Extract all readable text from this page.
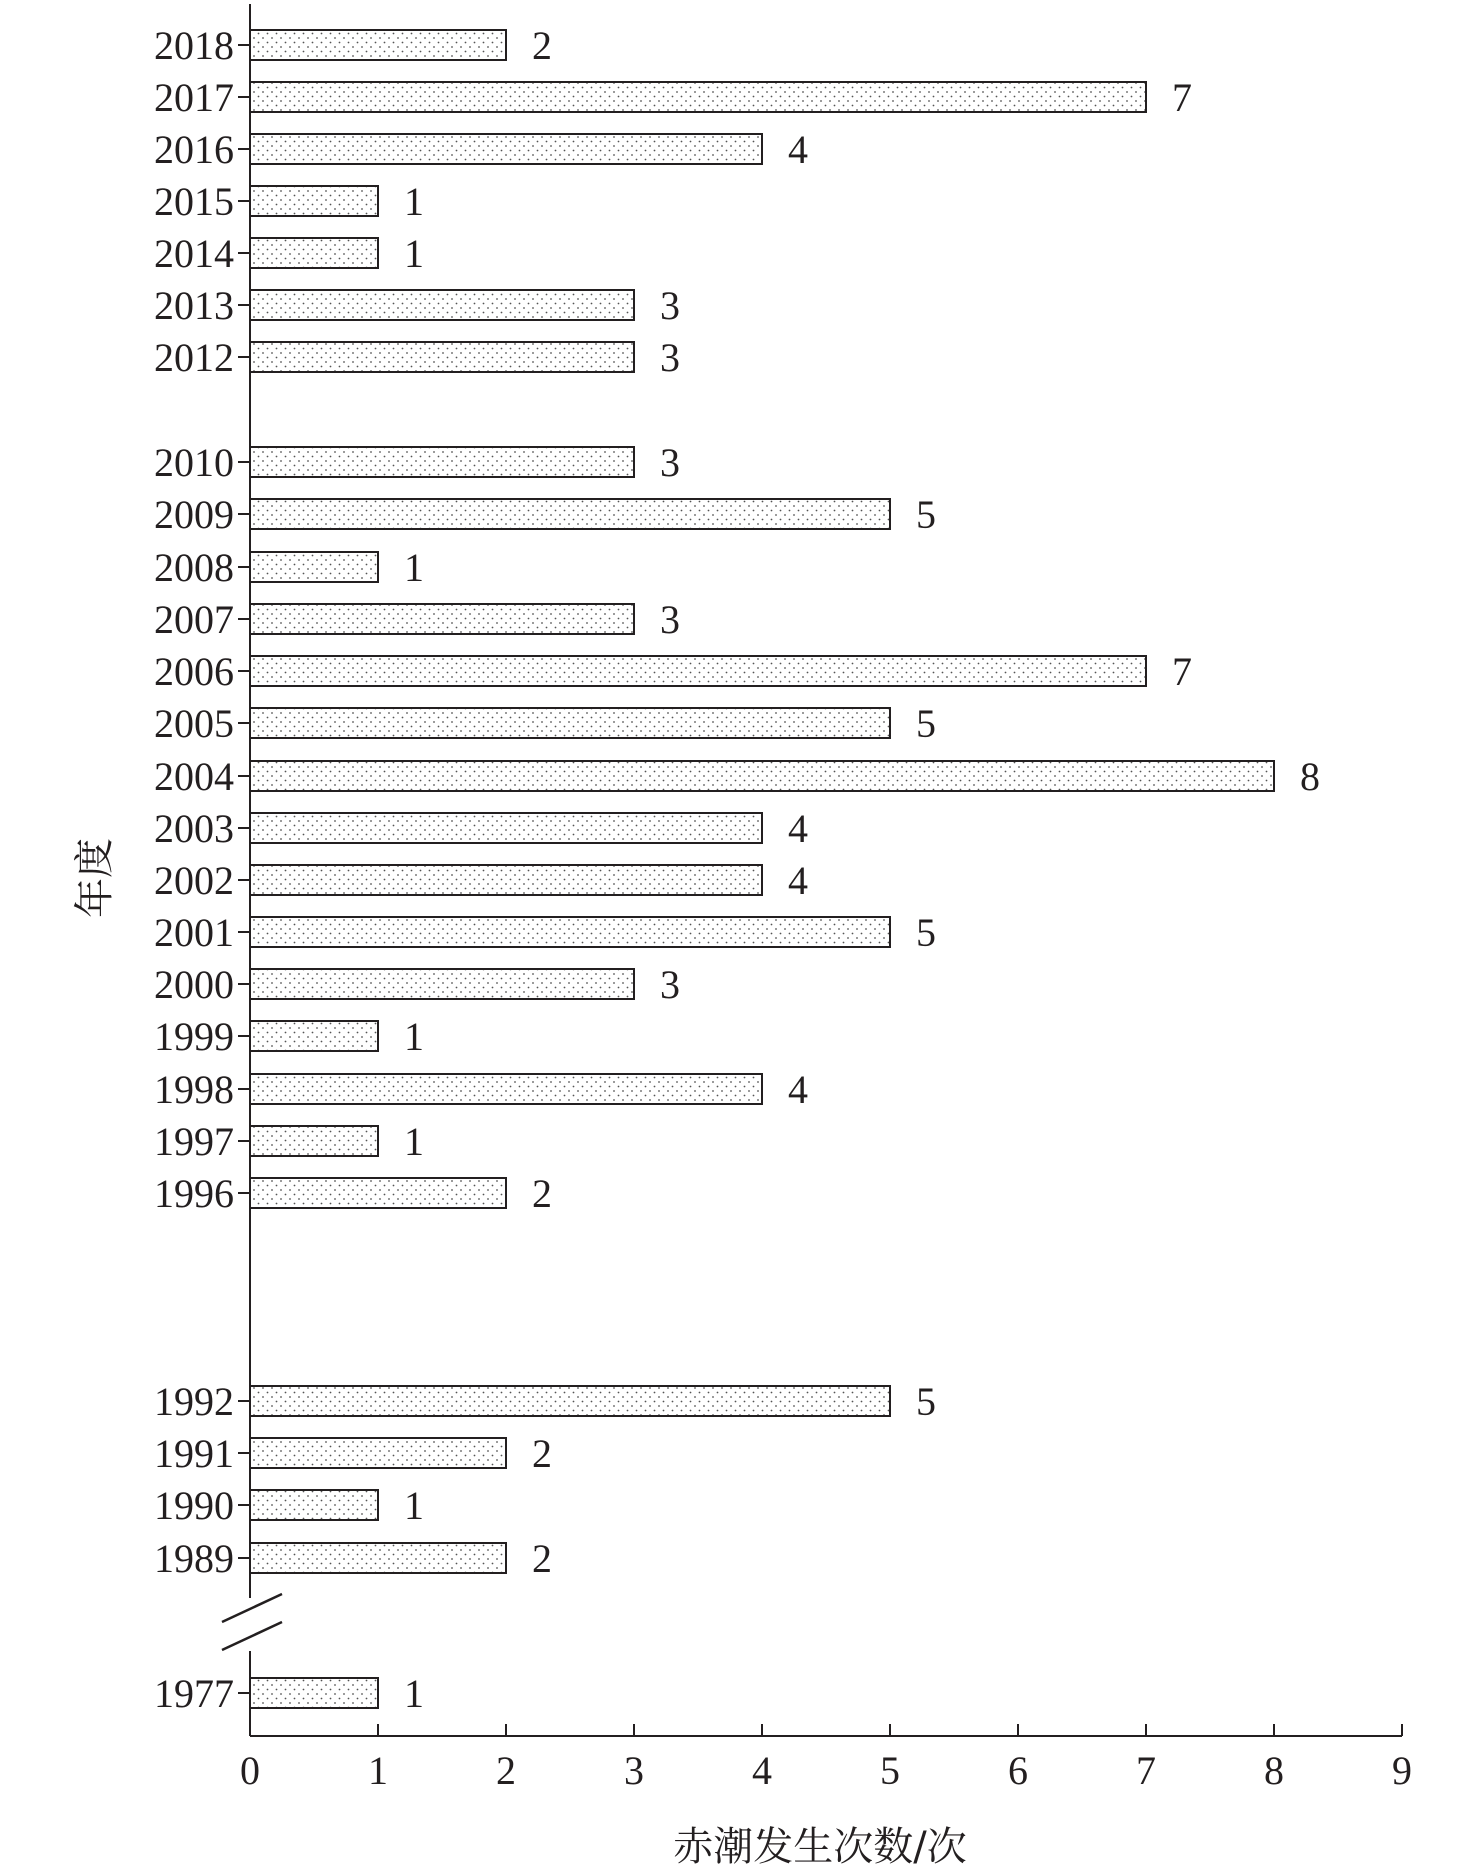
1
2
1
2
5
2
1
4
1
3
5
4
4
8
5
7
3
1
5
3
3
3
1
1
4
7
2
1977
1989
1990
1991
1992
1996
1997
1998
1999
2000
2001
2002
2003
2004
2005
2006
2007
2008
2009
2010
2012
2013
2014
2015
2016
2017
2018
0	1	2	3	4	5	6	7	8	9
赤潮发生次数/次
年度
